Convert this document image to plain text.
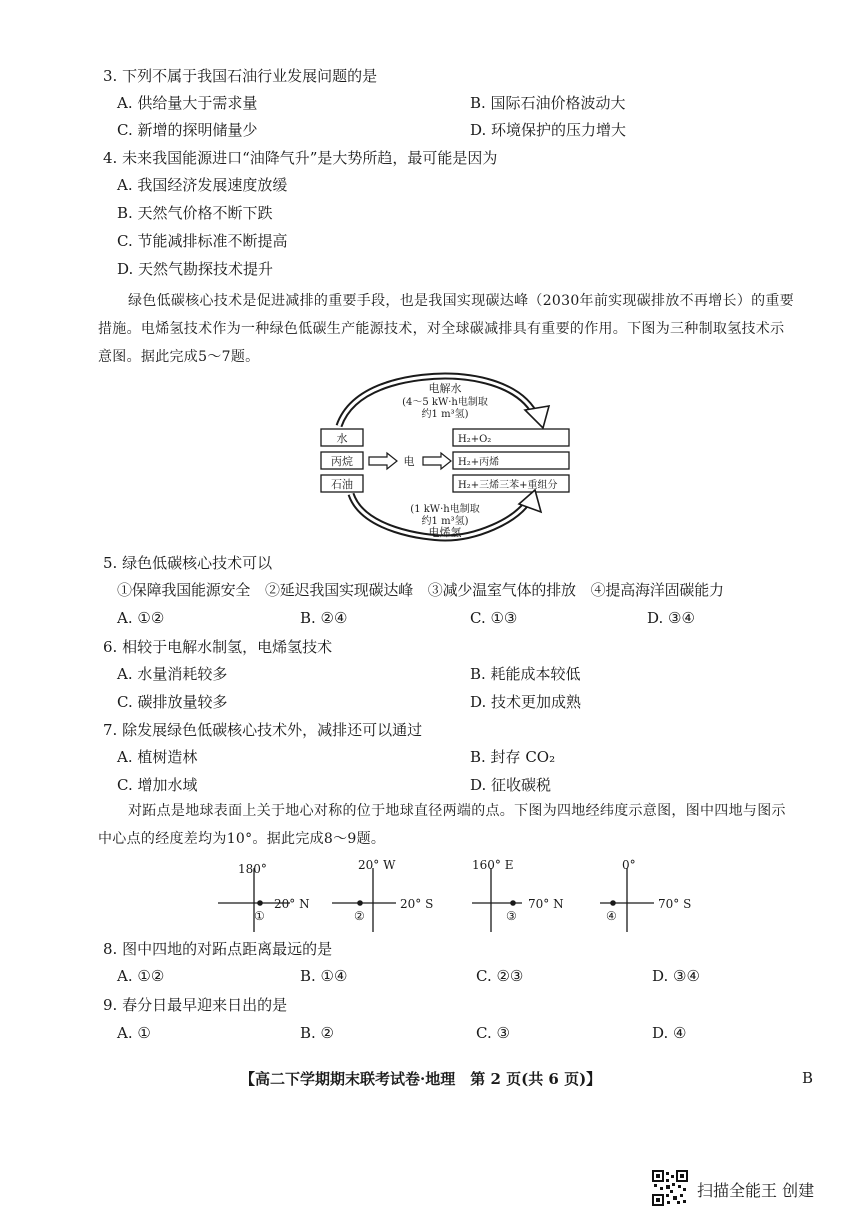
3. 下列不属于我国石油行业发展问题的是
A. 供给量大于需求量	B. 国际石油价格波动大
C. 新增的探明储量少	D. 环境保护的压力增大
4. 未来我国能源进口“油降气升”是大势所趋，最可能是因为
A. 我国经济发展速度放缓
B. 天然气价格不断下跌
C. 节能减排标准不断提高
D. 天然气勘探技术提升
绿色低碳核心技术是促进减排的重要手段，也是我国实现碳达峰（2030年前实现碳排放不再增长）的重要措施。电烯氢技术作为一种绿色低碳生产能源技术，对全球碳减排具有重要的作用。下图为三种制取氢技术示意图。据此完成5～7题。
电解水
(4～5 kW·h电制取
约1 m³氢)
水
丙烷
石油
电
H₂+O₂
H₂+丙烯
H₂+三烯三苯+重组分
(1 kW·h电制取
约1 m³氢)
电烯氢
5. 绿色低碳核心技术可以
①保障我国能源安全　②延迟我国实现碳达峰　③减少温室气体的排放　④提高海洋固碳能力
A. ①②	B. ②④	C. ①③	D. ③④
6. 相较于电解水制氢，电烯氢技术
A. 水量消耗较多	B. 耗能成本较低
C. 碳排放量较多	D. 技术更加成熟
7. 除发展绿色低碳核心技术外，减排还可以通过
A. 植树造林	B. 封存 CO₂
C. 增加水域	D. 征收碳税
对跖点是地球表面上关于地心对称的位于地球直径两端的点。下图为四地经纬度示意图，图中四地与图示中心点的经度差均为10°。据此完成8～9题。
180°
20° N
①
20° W
20° S
②
160° E
70° N
③
0°
70° S
④
8. 图中四地的对跖点距离最远的是
A. ①②	B. ①④	C. ②③	D. ③④
9. 春分日最早迎来日出的是
A. ①	B. ②	C. ③	D. ④
【高二下学期期末联考试卷·地理　第 2 页(共 6 页)】	B
扫描全能王 创建
